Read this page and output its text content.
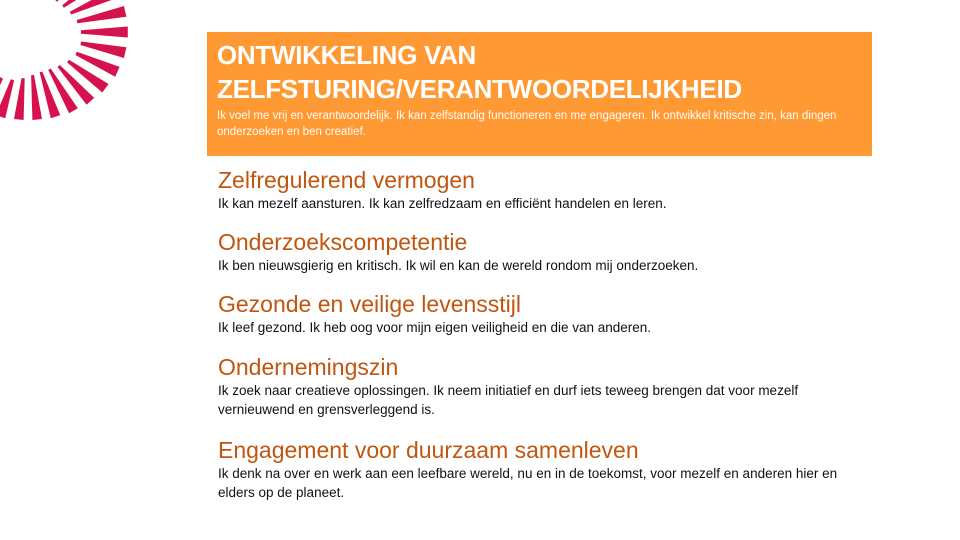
ONTWIKKELING VAN
ZELFSTURING/VERANTWOORDELIJKHEID
Ik voel me vrij en verantwoordelijk. Ik kan zelfstandig functioneren en me engageren. Ik ontwikkel kritische zin, kan dingen onderzoeken en ben creatief.
Zelfregulerend vermogen
Ik kan mezelf aansturen. Ik kan zelfredzaam en efficiënt handelen en leren.
Onderzoekscompetentie
Ik ben nieuwsgierig en kritisch. Ik wil en kan de wereld rondom mij onderzoeken.
Gezonde en veilige levensstijl
Ik leef gezond. Ik heb oog voor mijn eigen veiligheid en die van anderen.
Ondernemingszin
Ik zoek naar creatieve oplossingen. Ik neem initiatief en durf iets teweeg brengen dat voor mezelf vernieuwend en grensverleggend is.
Engagement voor duurzaam samenleven
Ik denk na over en werk aan een leefbare wereld, nu en in de toekomst, voor mezelf en anderen hier en elders op de planeet.
